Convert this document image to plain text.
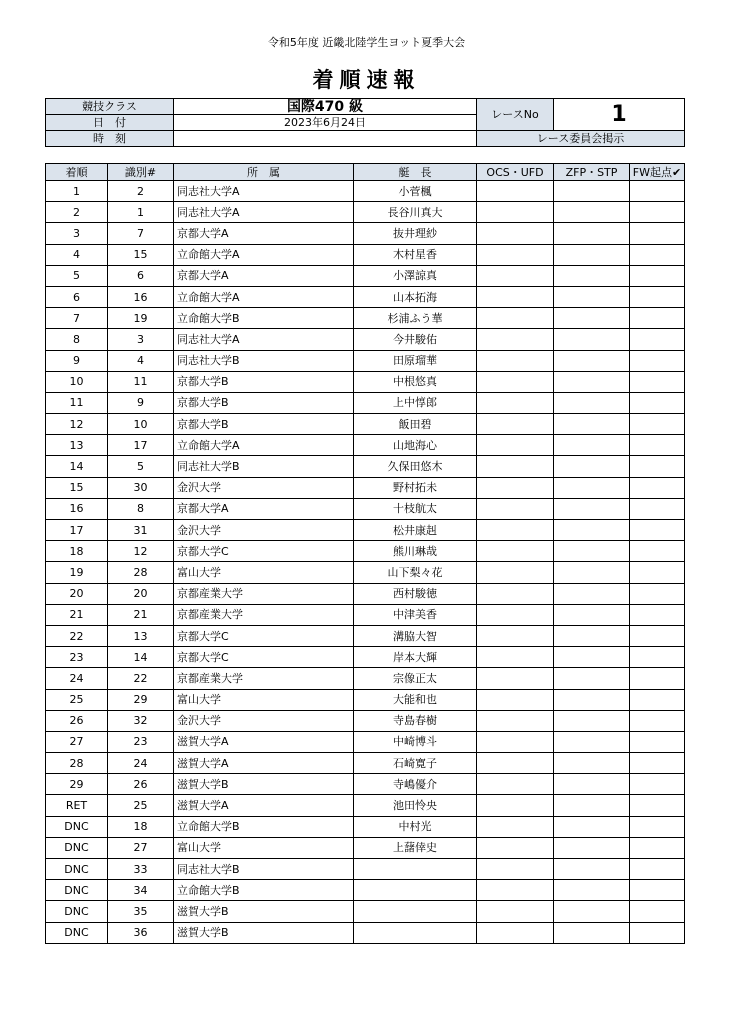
令和5年度 近畿北陸学生ヨット夏季大会
着順速報
競技クラス	国際470 級	レースNo	1
日　付	2023年6月24日		
時　刻		レース委員会掲示	
着順	識別#	所　属	艇　長	OCS・UFD	ZFP・STP	FW起点✔
1	2	同志社大学A	小菅楓			
2	1	同志社大学A	長谷川真大			
3	7	京都大学A	抜井理紗			
4	15	立命館大学A	木村星香			
5	6	京都大学A	小澤諒真			
6	16	立命館大学A	山本拓海			
7	19	立命館大学B	杉浦ふう華			
8	3	同志社大学A	今井駿佑			
9	4	同志社大学B	田原瑠華			
10	11	京都大学B	中根悠真			
11	9	京都大学B	上中惇郎			
12	10	京都大学B	飯田碧			
13	17	立命館大学A	山地海心			
14	5	同志社大学B	久保田悠木			
15	30	金沢大学	野村拓未			
16	8	京都大学A	十枝航太			
17	31	金沢大学	松井康赳			
18	12	京都大学C	熊川琳哉			
19	28	富山大学	山下梨々花			
20	20	京都産業大学	西村駿徳			
21	21	京都産業大学	中津美香			
22	13	京都大学C	溝脇大智			
23	14	京都大学C	岸本大輝			
24	22	京都産業大学	宗像正太			
25	29	富山大学	大能和也			
26	32	金沢大学	寺島春樹			
27	23	滋賀大学A	中崎博斗			
28	24	滋賀大学A	石崎寛子			
29	26	滋賀大学B	寺嶋優介			
RET	25	滋賀大学A	池田怜央			
DNC	18	立命館大学B	中村光			
DNC	27	富山大学	上藷倖史			
DNC	33	同志社大学B				
DNC	34	立命館大学B				
DNC	35	滋賀大学B				
DNC	36	滋賀大学B				
